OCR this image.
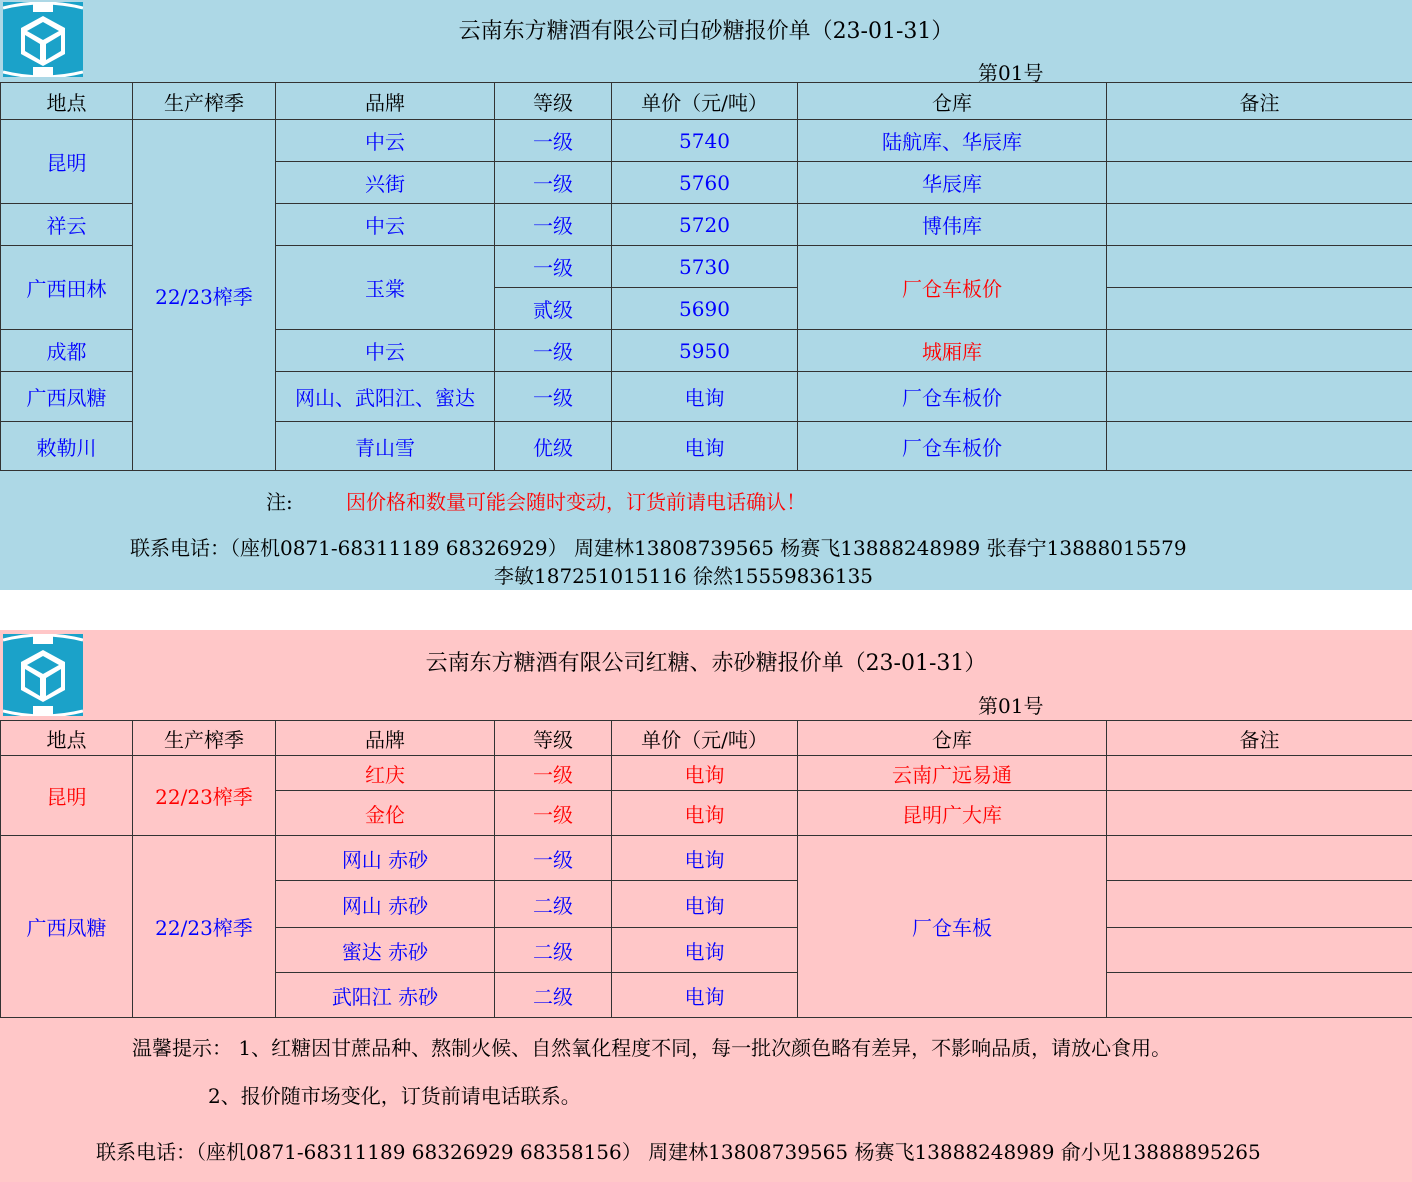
云南东方糖酒有限公司白砂糖报价单（23-01-31）
第01号
地点	生产榨季	品牌	等级	单价（元/吨）	仓库	备注
昆明	22/23榨季	中云	一级	5740	陆航库、华辰库	
		兴街	一级	5760	华辰库	
祥云		中云	一级	5720	博伟库	
广西田林		玉棠	一级	5730	厂仓车板价	
			贰级	5690		
成都		中云	一级	5950	城厢库	
广西凤糖		网山、武阳江、蜜达	一级	电询	厂仓车板价	
敕勒川		青山雪	优级	电询	厂仓车板价	
注:	因价格和数量可能会随时变动，订货前请电话确认！
联系电话：（座机0871-68311189 68326929） 周建林13808739565 杨赛飞13888248989 张春宁13888015579
李敏187251015116 徐然15559836135
云南东方糖酒有限公司红糖、赤砂糖报价单（23-01-31）
第01号
地点	生产榨季	品牌	等级	单价（元/吨）	仓库	备注
昆明	22/23榨季	红庆	一级	电询	云南广远易通	
		金伦	一级	电询	昆明广大库	
广西凤糖	22/23榨季	网山 赤砂	一级	电询	厂仓车板	
		网山 赤砂	二级	电询		
		蜜达 赤砂	二级	电询		
		武阳江 赤砂	二级	电询		
温馨提示： 1、红糖因甘蔗品种、熬制火候、自然氧化程度不同，每一批次颜色略有差异，不影响品质，请放心食用。
2、报价随市场变化，订货前请电话联系。
联系电话：（座机0871-68311189 68326929 68358156） 周建林13808739565 杨赛飞13888248989 俞小见13888895265
